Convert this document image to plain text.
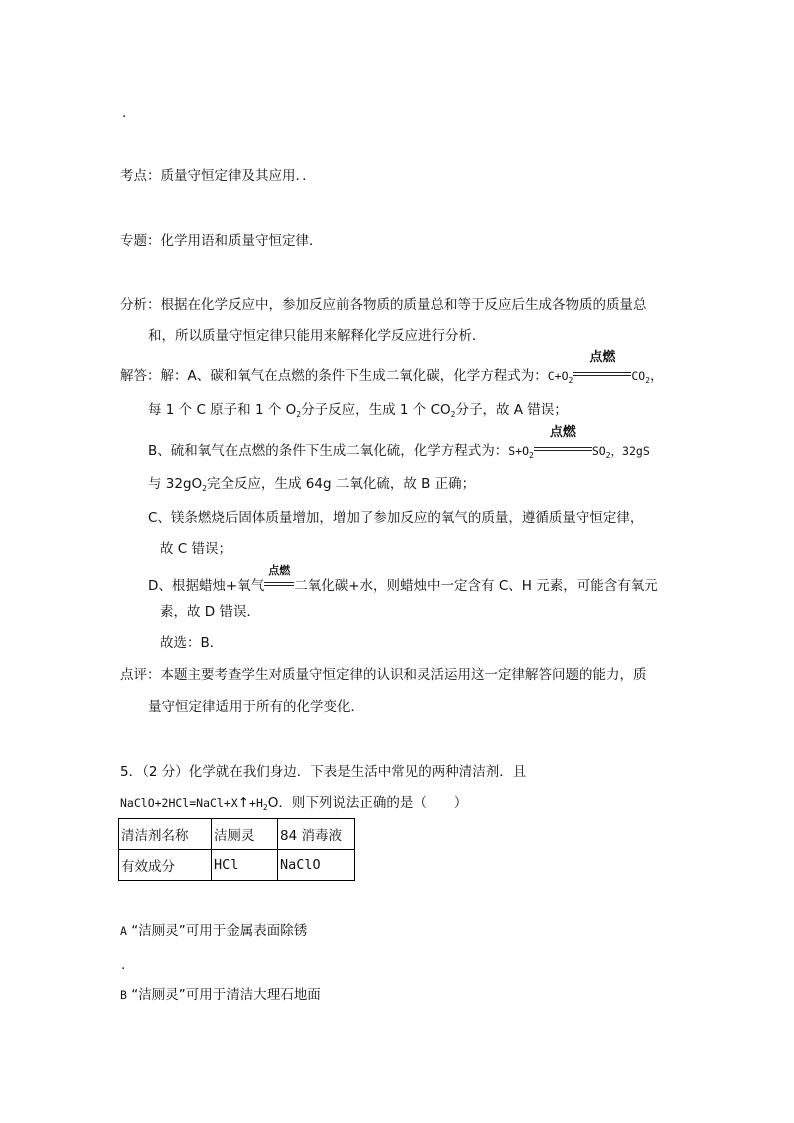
.
考点：质量守恒定律及其应用．．
专题：化学用语和质量守恒定律．
分析：根据在化学反应中，参加反应前各物质的质量总和等于反应后生成各物质的质量总
和，所以质量守恒定律只能用来解释化学反应进行分析．
解答：解：A、碳和氧气在点燃的条件下生成二氧化碳，化学方程式为：$C+O_2$
点燃
$CO_2$，
每 1 个 C 原子和 1 个 $O_2$分子反应，生成 1 个 $CO_2$分子，故 A 错误；
B、硫和氧气在点燃的条件下生成二氧化硫，化学方程式为：$S+O_2$
点燃
$SO_2$，32gS
与 $32gO_2$完全反应，生成 64g 二氧化硫，故 B 正确；
C、镁条燃烧后固体质量增加，增加了参加反应的氧气的质量，遵循质量守恒定律，
故 C 错误；
D、根据蜡烛+氧气
点燃
二氧化碳+水，则蜡烛中一定含有 C、H 元素，可能含有氧元
素，故 D 错误．
故选：B．
点评：本题主要考查学生对质量守恒定律的认识和灵活运用这一定律解答问题的能力，质
量守恒定律适用于所有的化学变化．
5．（2 分）化学就在我们身边．下表是生活中常见的两种清洁剂．且
$NaClO+2HCl=NaCl+X↑+H_2O$．则下列说法正确的是（　　）
清洁剂名称	洁厕灵	84 消毒液
有效成分	HCl	NaClO
A “洁厕灵”可用于金属表面除锈
.
B “洁厕灵”可用于清洁大理石地面
